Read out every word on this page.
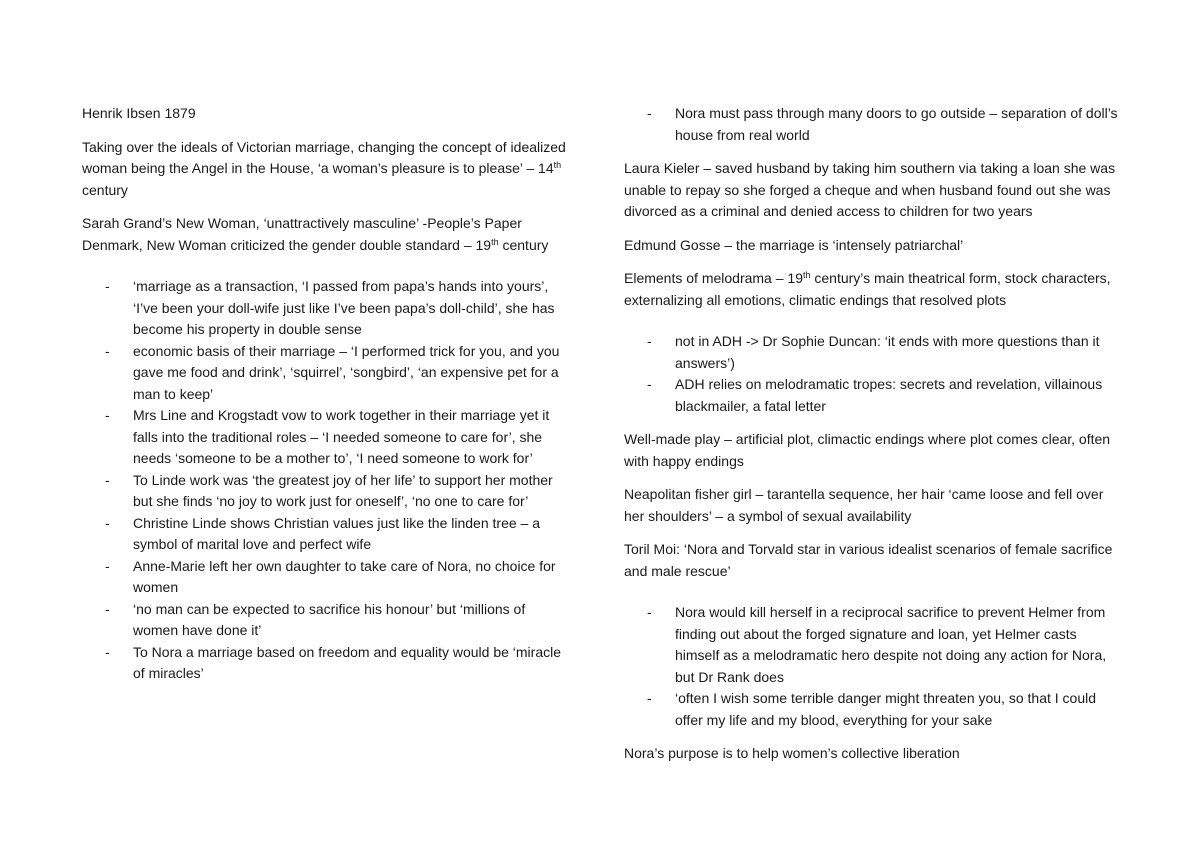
Henrik Ibsen 1879

Taking over the ideals of Victorian marriage, changing the concept of idealized woman being the Angel in the House, ‘a woman’s pleasure is to please’ – 14th century

Sarah Grand’s New Woman, ‘unattractively masculine’ -People’s Paper Denmark, New Woman criticized the gender double standard – 19th century

- ‘marriage as a transaction, ‘I passed from papa’s hands into yours’, ‘I’ve been your doll-wife just like I’ve been papa’s doll-child’, she has become his property in double sense
- economic basis of their marriage – ‘I performed trick for you, and you gave me food and drink’, ‘squirrel’, ‘songbird’, ‘an expensive pet for a man to keep’
- Mrs Line and Krogstadt vow to work together in their marriage yet it falls into the traditional roles – ‘I needed someone to care for’, she needs ‘someone to be a mother to’, ‘I need someone to work for’
- To Linde work was ‘the greatest joy of her life’ to support her mother but she finds ‘no joy to work just for oneself’, ‘no one to care for’
- Christine Linde shows Christian values just like the linden tree – a symbol of marital love and perfect wife
- Anne-Marie left her own daughter to take care of Nora, no choice for women
- ‘no man can be expected to sacrifice his honour’ but ‘millions of women have done it’
- To Nora a marriage based on freedom and equality would be ‘miracle of miracles’
- Nora must pass through many doors to go outside – separation of doll’s house from real world

Laura Kieler – saved husband by taking him southern via taking a loan she was unable to repay so she forged a cheque and when husband found out she was divorced as a criminal and denied access to children for two years

Edmund Gosse – the marriage is ‘intensely patriarchal’

Elements of melodrama – 19th century’s main theatrical form, stock characters, externalizing all emotions, climatic endings that resolved plots

- not in ADH -> Dr Sophie Duncan: ‘it ends with more questions than it answers’)
- ADH relies on melodramatic tropes: secrets and revelation, villainous blackmailer, a fatal letter

Well-made play – artificial plot, climactic endings where plot comes clear, often with happy endings

Neapolitan fisher girl – tarantella sequence, her hair ‘came loose and fell over her shoulders’ – a symbol of sexual availability

Toril Moi: ‘Nora and Torvald star in various idealist scenarios of female sacrifice and male rescue’

- Nora would kill herself in a reciprocal sacrifice to prevent Helmer from finding out about the forged signature and loan, yet Helmer casts himself as a melodramatic hero despite not doing any action for Nora, but Dr Rank does
- ‘often I wish some terrible danger might threaten you, so that I could offer my life and my blood, everything for your sake

Nora’s purpose is to help women’s collective liberation
